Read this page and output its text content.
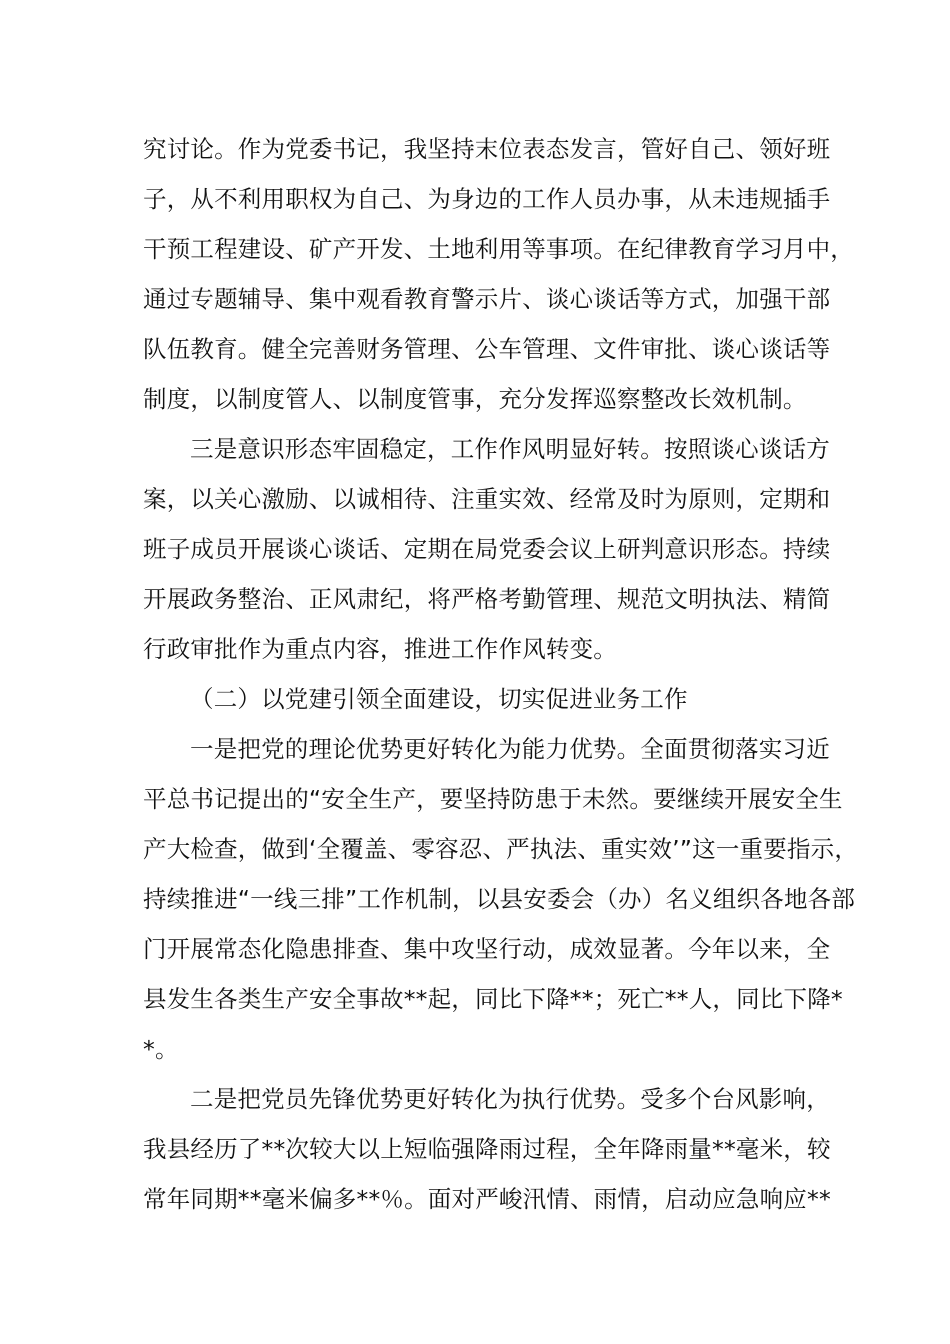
究讨论。作为党委书记，我坚持末位表态发言，管好自己、领好班
子，从不利用职权为自己、为身边的工作人员办事，从未违规插手
干预工程建设、矿产开发、土地利用等事项。在纪律教育学习月中，
通过专题辅导、集中观看教育警示片、谈心谈话等方式，加强干部
队伍教育。健全完善财务管理、公车管理、文件审批、谈心谈话等
制度，以制度管人、以制度管事，充分发挥巡察整改长效机制。
三是意识形态牢固稳定，工作作风明显好转。按照谈心谈话方
案，以关心激励、以诚相待、注重实效、经常及时为原则，定期和
班子成员开展谈心谈话、定期在局党委会议上研判意识形态。持续
开展政务整治、正风肃纪，将严格考勤管理、规范文明执法、精简
行政审批作为重点内容，推进工作作风转变。
（二）以党建引领全面建设，切实促进业务工作
一是把党的理论优势更好转化为能力优势。全面贯彻落实习近
平总书记提出的“安全生产，要坚持防患于未然。要继续开展安全生
产大检查，做到‘全覆盖、零容忍、严执法、重实效’”这一重要指示，
持续推进“一线三排”工作机制，以县安委会（办）名义组织各地各部
门开展常态化隐患排查、集中攻坚行动，成效显著。今年以来，全
县发生各类生产安全事故**起，同比下降**；死亡**人，同比下降*
*。
二是把党员先锋优势更好转化为执行优势。受多个台风影响，
我县经历了**次较大以上短临强降雨过程，全年降雨量**毫米，较
常年同期**毫米偏多**％。面对严峻汛情、雨情，启动应急响应**
